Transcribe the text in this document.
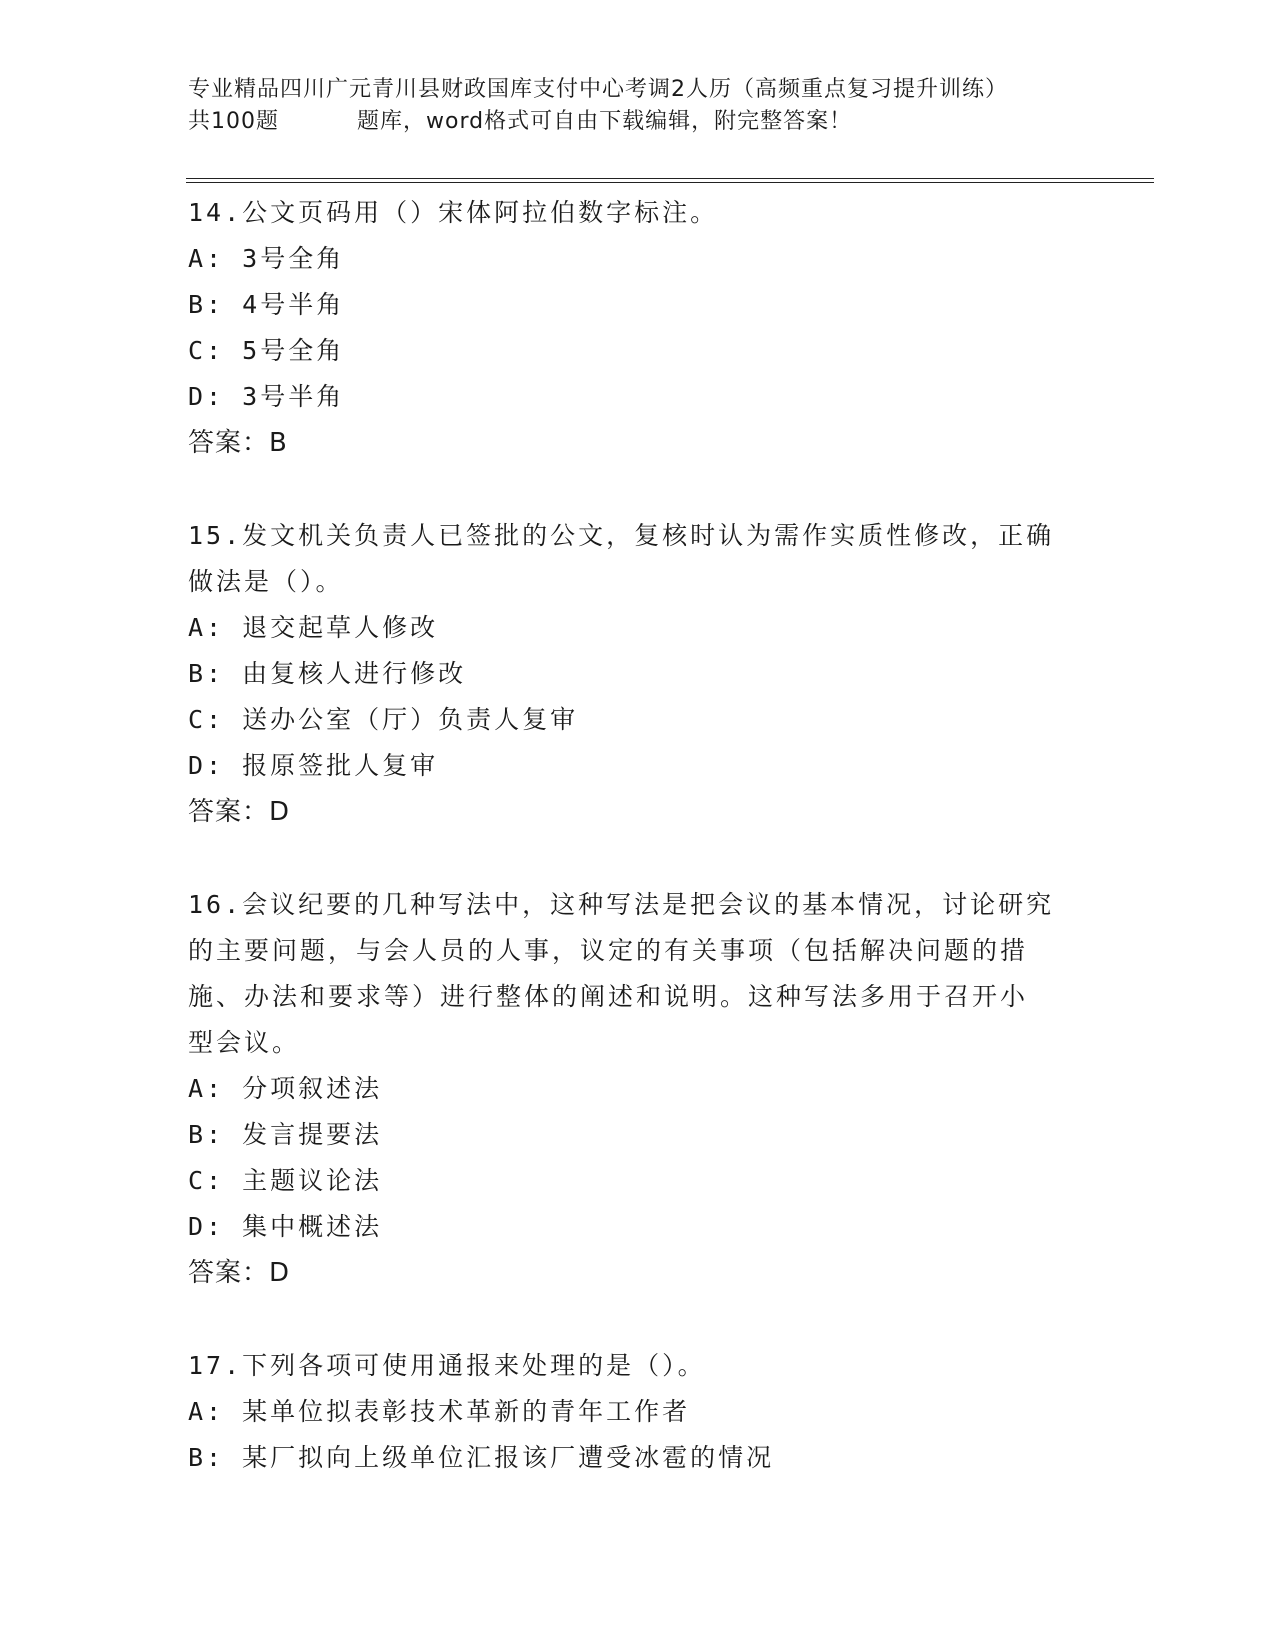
专业精品四川广元青川县财政国库支付中心考调2人历（高频重点复习提升训练）
共100题	题库，word格式可自由下载编辑，附完整答案！
14.公文页码用（）宋体阿拉伯数字标注。
A: 3号全角
B: 4号半角
C: 5号全角
D: 3号半角
答案：B
15.发文机关负责人已签批的公文，复核时认为需作实质性修改，正确
做法是（）。
A: 退交起草人修改
B: 由复核人进行修改
C: 送办公室（厅）负责人复审
D: 报原签批人复审
答案：D
16.会议纪要的几种写法中，这种写法是把会议的基本情况，讨论研究
的主要问题，与会人员的人事，议定的有关事项（包括解决问题的措
施、办法和要求等）进行整体的阐述和说明。这种写法多用于召开小
型会议。
A: 分项叙述法
B: 发言提要法
C: 主题议论法
D: 集中概述法
答案：D
17.下列各项可使用通报来处理的是（）。
A: 某单位拟表彰技术革新的青年工作者
B: 某厂拟向上级单位汇报该厂遭受冰雹的情况
